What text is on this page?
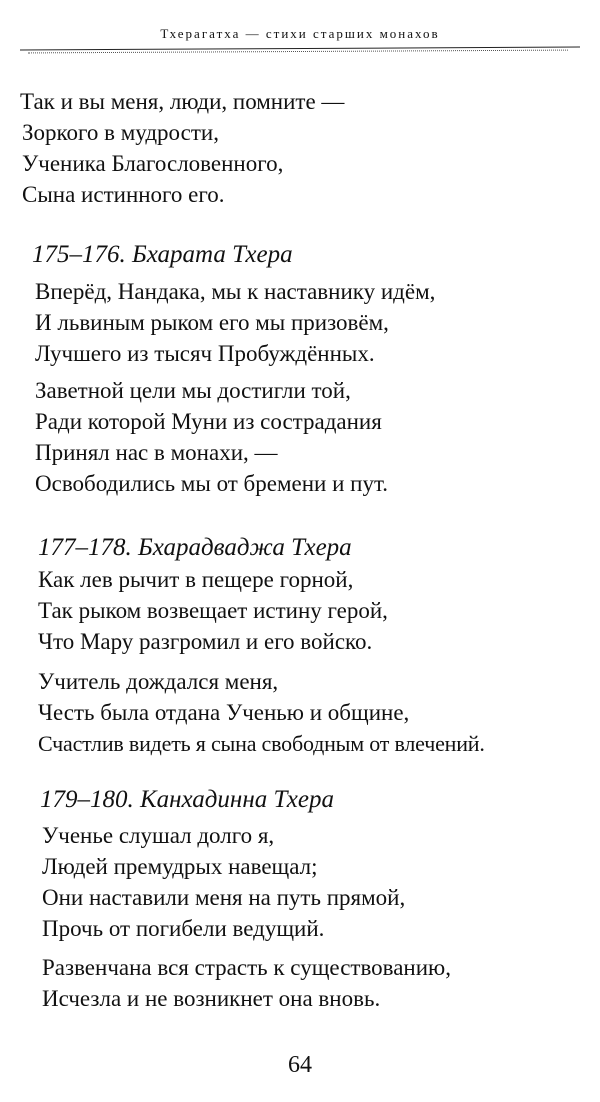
Тхерагатха — стихи старших монахов
Так и вы меня, люди, помните —
Зоркого в мудрости,
Ученика Благословенного,
Сына истинного его.
175–176. Бхарата Тхера
Вперёд, Нандака, мы к наставнику идём,
И львиным рыком его мы призовём,
Лучшего из тысяч Пробуждённых.
Заветной цели мы достигли той,
Ради которой Муни из сострадания
Принял нас в монахи, —
Освободились мы от бремени и пут.
177–178. Бхарадваджа Тхера
Как лев рычит в пещере горной,
Так рыком возвещает истину герой,
Что Мару разгромил и его войско.
Учитель дождался меня,
Честь была отдана Ученью и общине,
Счастлив видеть я сына свободным от влечений.
179–180. Канхадинна Тхера
Ученье слушал долго я,
Людей премудрых навещал;
Они наставили меня на путь прямой,
Прочь от погибели ведущий.
Развенчана вся страсть к существованию,
Исчезла и не возникнет она вновь.
64
